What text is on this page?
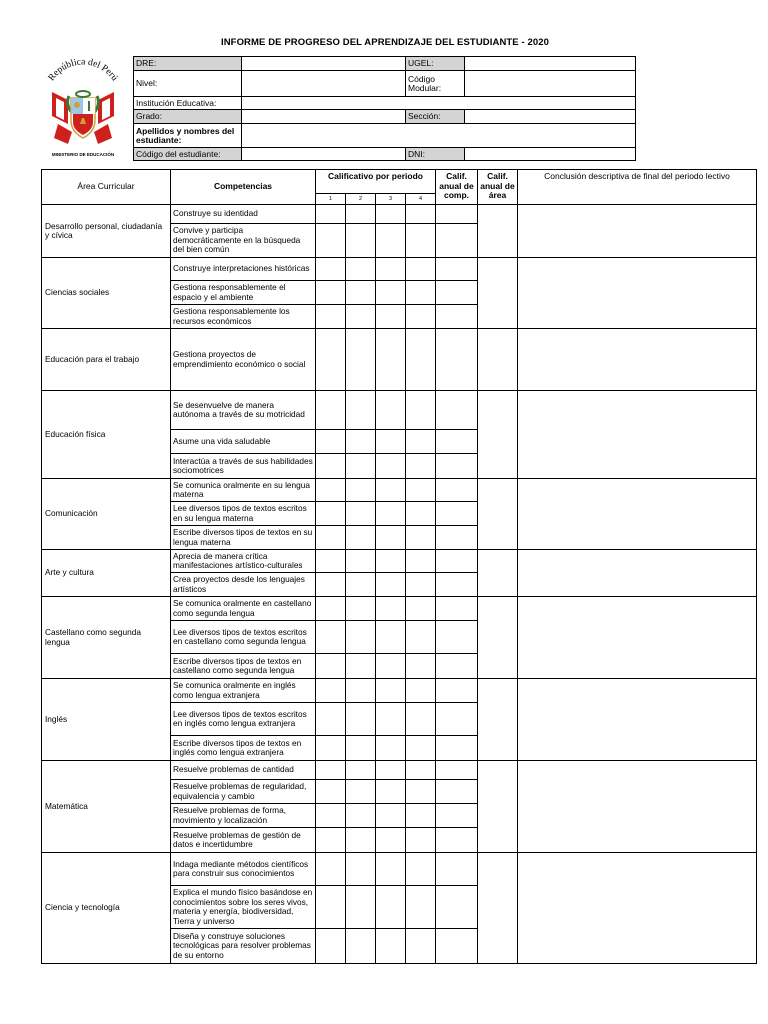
INFORME DE PROGRESO DEL APRENDIZAJE DEL ESTUDIANTE - 2020
República del Perú
MINISTERIO DE EDUCACIÓN
DRE:		UGEL:	
Nivel:		Código Modular:	
Institución Educativa:			
Grado:		Sección:	
Apellidos y nombres del estudiante:			
Código del estudiante:		DNI:	
Área Curricular	Competencias	Calificativo por periodo				Calif. anual de comp.	Calif. anual de área	Conclusión descriptiva de final del periodo lectivo
		1	2	3	4			
Desarrollo personal, ciudadanía y cívica	Construye su identidad							
	Convive y participa democráticamente en la búsqueda del bien común							
Ciencias sociales	Construye interpretaciones históricas							
	Gestiona responsablemente el espacio y el ambiente							
	Gestiona responsablemente los recursos económicos							
Educación para el trabajo	Gestiona proyectos de emprendimiento económico o social							
Educación física	Se desenvuelve de manera autónoma a través de su motricidad							
	Asume una vida saludable							
	Interactúa a través de sus habilidades sociomotrices							
Comunicación	Se comunica oralmente en su lengua materna							
	Lee diversos tipos de textos escritos en su lengua materna							
	Escribe diversos tipos de textos en su lengua materna							
Arte y cultura	Aprecia de manera crítica manifestaciones artístico-culturales							
	Crea proyectos desde los lenguajes artísticos							
Castellano como segunda lengua	Se comunica oralmente en castellano como segunda lengua							
	Lee diversos tipos de textos escritos en castellano como segunda lengua							
	Escribe diversos tipos de textos en castellano como segunda lengua							
Inglés	Se comunica oralmente en inglés como lengua extranjera							
	Lee diversos tipos de textos escritos en inglés como lengua extranjera							
	Escribe diversos tipos de textos en inglés como lengua extranjera							
Matemática	Resuelve problemas de cantidad							
	Resuelve problemas de regularidad, equivalencia y cambio							
	Resuelve problemas de forma, movimiento y localización							
	Resuelve problemas de gestión de datos e incertidumbre							
Ciencia y tecnología	Indaga mediante métodos científicos para construir sus conocimientos							
	Explica el mundo físico basándose en conocimientos sobre los seres vivos, materia y energía, biodiversidad, Tierra y universo							
	Diseña y construye soluciones tecnológicas para resolver problemas de su entorno							
